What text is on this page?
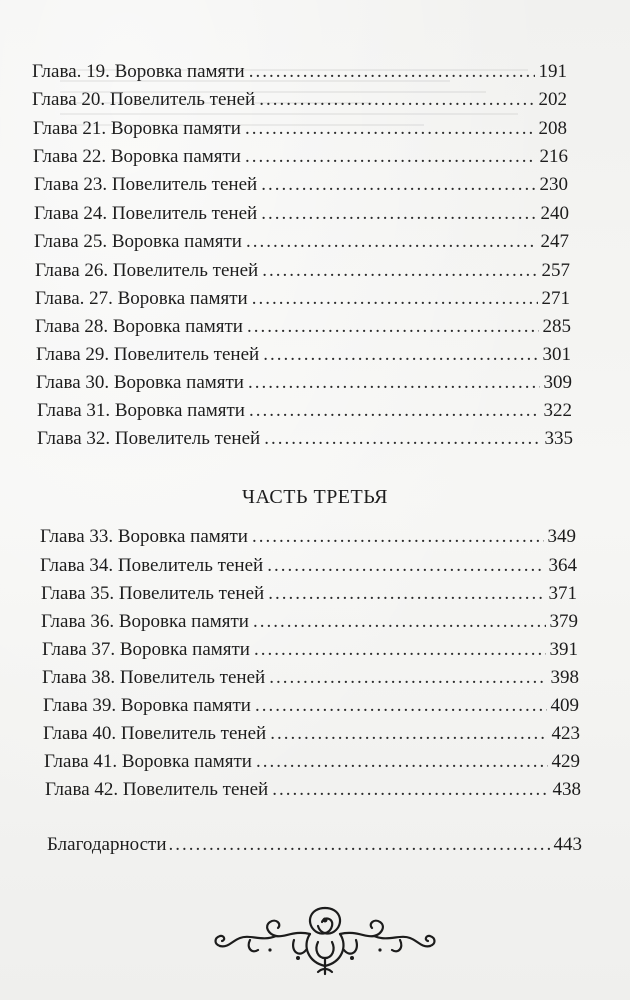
Глава. 19. Воровка памяти .....	191
Глава 20. Повелитель теней .....	202
Глава 21. Воровка памяти .....	208
Глава 22. Воровка памяти .....	216
Глава 23. Повелитель теней .....	230
Глава 24. Повелитель теней .....	240
Глава 25. Воровка памяти .....	247
Глава 26. Повелитель теней .....	257
Глава. 27. Воровка памяти .....	271
Глава 28. Воровка памяти .....	285
Глава 29. Повелитель теней .....	301
Глава 30. Воровка памяти .....	309
Глава 31. Воровка памяти .....	322
Глава 32. Повелитель теней .....	335
ЧАСТЬ ТРЕТЬЯ
Глава 33. Воровка памяти .....	349
Глава 34. Повелитель теней .....	364
Глава 35. Повелитель теней .....	371
Глава 36. Воровка памяти .....	379
Глава 37. Воровка памяти .....	391
Глава 38. Повелитель теней .....	398
Глава 39. Воровка памяти .....	409
Глава 40. Повелитель теней .....	423
Глава 41. Воровка памяти .....	429
Глава 42. Повелитель теней .....	438
Благодарности .....	443
